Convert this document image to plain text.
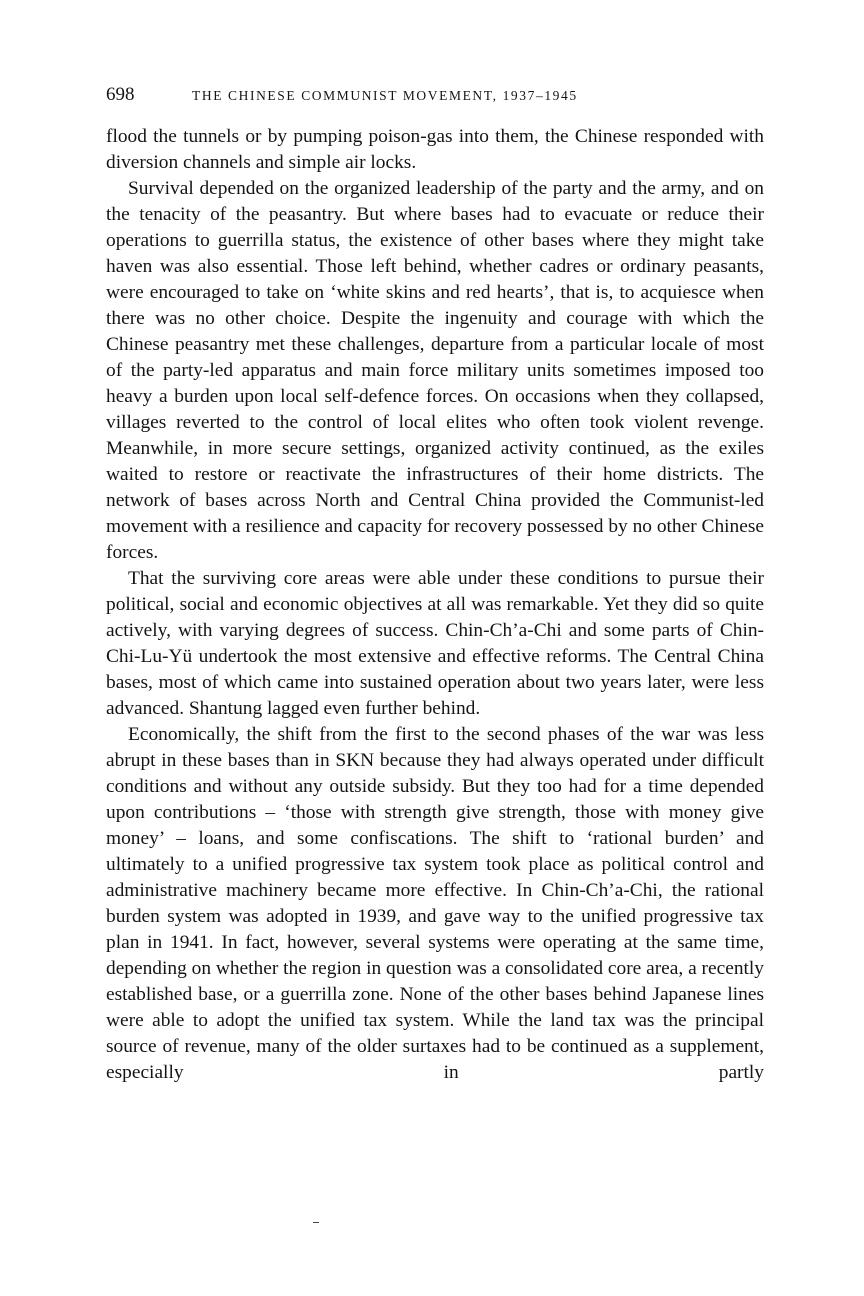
698	THE CHINESE COMMUNIST MOVEMENT, 1937–1945

flood the tunnels or by pumping poison-gas into them, the Chinese responded with diversion channels and simple air locks.

Survival depended on the organized leadership of the party and the army, and on the tenacity of the peasantry. But where bases had to evacuate or reduce their operations to guerrilla status, the existence of other bases where they might take haven was also essential. Those left behind, whether cadres or ordinary peasants, were encouraged to take on ‘white skins and red hearts’, that is, to acquiesce when there was no other choice. Despite the ingenuity and courage with which the Chinese peasantry met these challenges, departure from a particular locale of most of the party-led apparatus and main force military units sometimes imposed too heavy a burden upon local self-defence forces. On occasions when they collapsed, villages reverted to the control of local elites who often took violent revenge. Meanwhile, in more secure settings, organized activity continued, as the exiles waited to restore or reactivate the infrastructures of their home districts. The network of bases across North and Central China provided the Communist-led movement with a resilience and capacity for recovery possessed by no other Chinese forces.

That the surviving core areas were able under these conditions to pursue their political, social and economic objectives at all was remarkable. Yet they did so quite actively, with varying degrees of success. Chin-Ch’a-Chi and some parts of Chin-Chi-Lu-Yü undertook the most extensive and effective reforms. The Central China bases, most of which came into sustained operation about two years later, were less advanced. Shantung lagged even further behind.

Economically, the shift from the first to the second phases of the war was less abrupt in these bases than in SKN because they had always operated under difficult conditions and without any outside subsidy. But they too had for a time depended upon contributions – ‘those with strength give strength, those with money give money’ – loans, and some confiscations. The shift to ‘rational burden’ and ultimately to a unified progressive tax system took place as political control and administrative machinery became more effective. In Chin-Ch’a-Chi, the rational burden system was adopted in 1939, and gave way to the unified progressive tax plan in 1941. In fact, however, several systems were operating at the same time, depending on whether the region in question was a consolidated core area, a recently established base, or a guerrilla zone. None of the other bases behind Japanese lines were able to adopt the unified tax system. While the land tax was the principal source of revenue, many of the older surtaxes had to be continued as a supplement, especially in partly
